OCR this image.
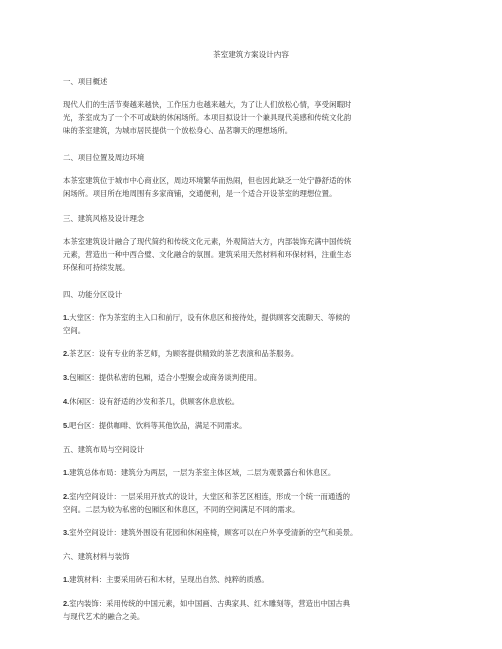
茶室建筑方案设计内容
一、项目概述
现代人们的生活节奏越来越快，工作压力也越来越大，为了让人们放松心情，享受闲暇时
光，茶室成为了一个不可或缺的休闲场所。本项目拟设计一个兼具现代美感和传统文化韵
味的茶室建筑，为城市居民提供一个放松身心、品茗聊天的理想场所。
二、项目位置及周边环境
本茶室建筑位于城市中心商业区，周边环境繁华而热闹，但也因此缺乏一处宁静舒适的休
闲场所。项目所在地周围有多家商铺，交通便利，是一个适合开设茶室的理想位置。
三、建筑风格及设计理念
本茶室建筑设计融合了现代简约和传统文化元素，外观简洁大方，内部装饰充满中国传统
元素，营造出一种中西合璧、文化融合的氛围。建筑采用天然材料和环保材料，注重生态
环保和可持续发展。
四、功能分区设计
1.大堂区：作为茶室的主入口和前厅，设有休息区和接待处，提供顾客交流聊天、等候的
空间。
2.茶艺区：设有专业的茶艺师，为顾客提供精致的茶艺表演和品茶服务。
3.包厢区：提供私密的包厢，适合小型聚会或商务谈判使用。
4.休闲区：设有舒适的沙发和茶几，供顾客休息放松。
5.吧台区：提供咖啡、饮料等其他饮品，满足不同需求。
五、建筑布局与空间设计
1.建筑总体布局：建筑分为两层，一层为茶室主体区域，二层为观景露台和休息区。
2.室内空间设计：一层采用开放式的设计，大堂区和茶艺区相连，形成一个统一而通透的
空间。二层为较为私密的包厢区和休息区，不同的空间满足不同的需求。
3.室外空间设计：建筑外围设有花园和休闲座椅，顾客可以在户外享受清新的空气和美景。
六、建筑材料与装饰
1.建筑材料：主要采用砖石和木材，呈现出自然、纯粹的质感。
2.室内装饰：采用传统的中国元素，如中国画、古典家具、红木雕刻等，营造出中国古典
与现代艺术的融合之美。
